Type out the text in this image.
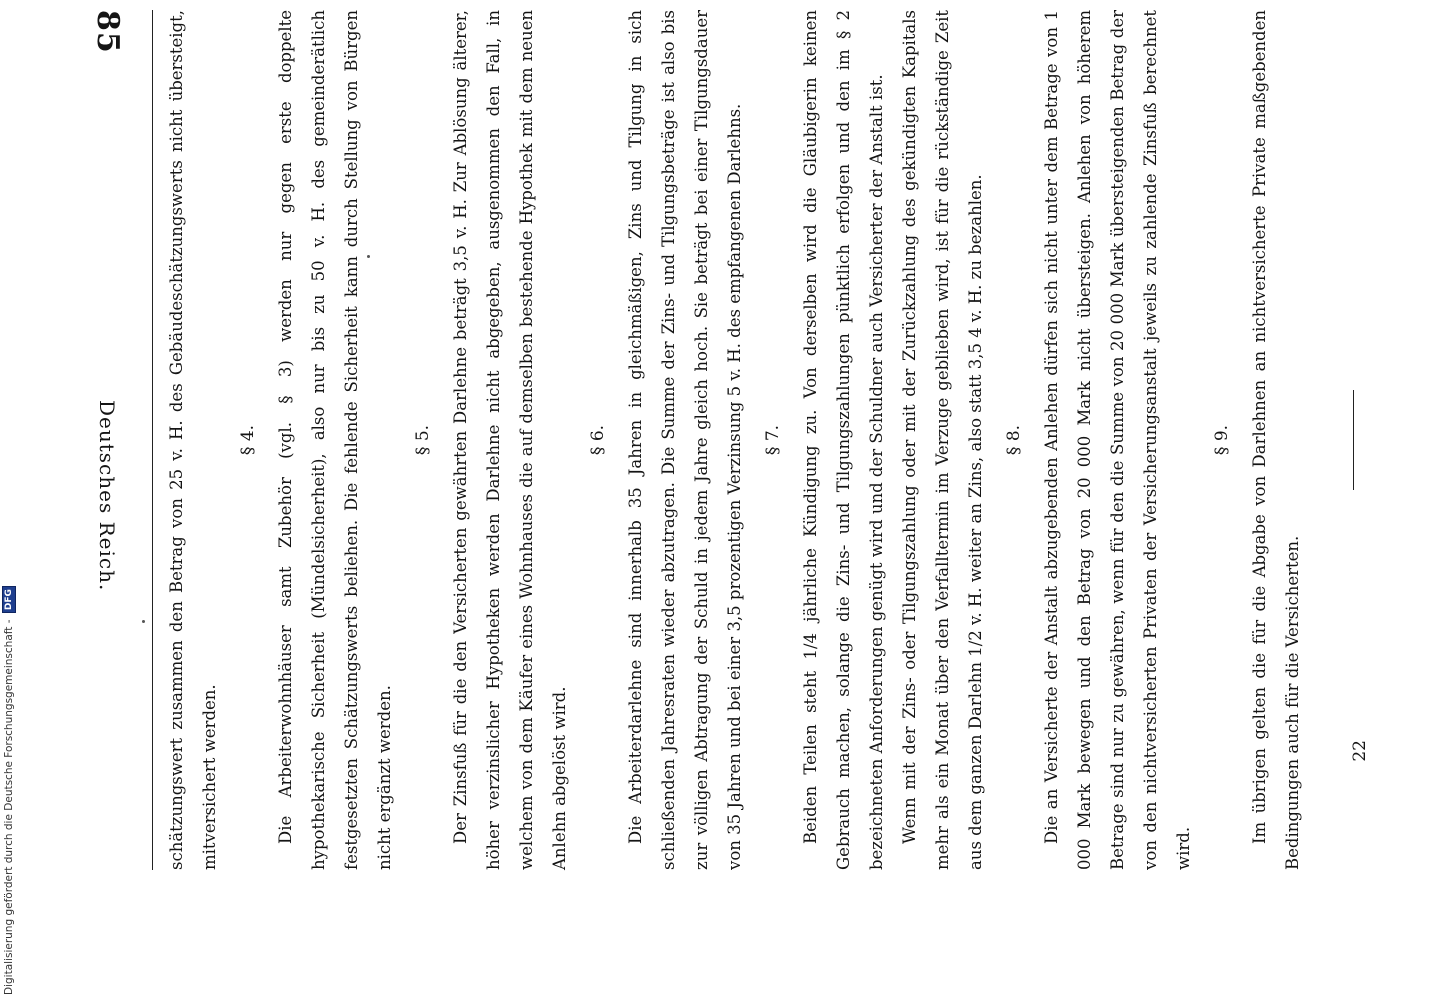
85
Deutsches Reich.	schätzungswert zusammen den Betrag von 25 v. H. des Gebäudeschätzungswerts nicht übersteigt, mitversichert werden.

§ 4.	Die Arbeiterwohnhäuser samt Zubehör (vgl. § 3) werden nur gegen erste doppelte hypothekarische Sicherheit (Mündelsicherheit), also nur bis zu 50 v. H. des gemeinderätlich festgesetzten Schätzungswerts beliehen. Die fehlende Sicherheit kann durch Stellung von Bürgen nicht ergänzt werden.

§ 5.	Der Zinsfuß für die den Versicherten gewährten Darlehne beträgt 3,5 v. H. Zur Ablösung älterer, höher verzinslicher Hypotheken werden Darlehne nicht abgegeben, ausgenommen den Fall, in welchem von dem Käufer eines Wohnhauses die auf demselben bestehende Hypothek mit dem neuen Anlehn abgelöst wird.

§ 6.	Die Arbeiterdarlehne sind innerhalb 35 Jahren in gleichmäßigen, Zins und Tilgung in sich schließenden Jahresraten wieder abzutragen. Die Summe der Zins- und Tilgungsbeträge ist also bis zur völligen Abtragung der Schuld in jedem Jahre gleich hoch. Sie beträgt bei einer Tilgungsdauer von 35 Jahren und bei einer 3,5 prozentigen Verzinsung 5 v. H. des empfangenen Darlehns.	§ 7.	Beiden Teilen steht 1/4 jährliche Kündigung zu. Von derselben wird die Gläubigerin keinen Gebrauch machen, solange die Zins- und Tilgungszahlungen pünktlich erfolgen und den im § 2 bezeichneten Anforderungen genügt wird und der Schuldner auch Versicherter der Anstalt ist. Wenn mit der Zins- oder Tilgungszahlung oder mit der Zurückzahlung des gekündigten Kapitals mehr als ein Monat über den Verfalltermin im Verzuge geblieben wird, ist für die rückständige Zeit aus dem ganzen Darlehn 1/2 v. H. weiter an Zins, also statt 3,5 4 v. H. zu bezahlen.	§ 8.	Die an Versicherte der Anstalt abzugebenden Anlehen dürfen sich nicht unter dem Betrage von 1 000 Mark bewegen und den Betrag von 20 000 Mark nicht übersteigen. Anlehen von höherem Betrage sind nur zu gewähren, wenn für den die Summe von 20 000 Mark übersteigenden Betrag der von den nichtversicherten Privaten der Versicherungsanstalt jeweils zu zahlende Zinsfuß berechnet wird.

§ 9.	Im übrigen gelten die für die Abgabe von Darlehnen an nichtversicherte Private maßgebenden Bedingungen auch für die Versicherten.	22
Digitalisierung gefördert durch die Deutsche Forschungsgemeinschaft - DFG
